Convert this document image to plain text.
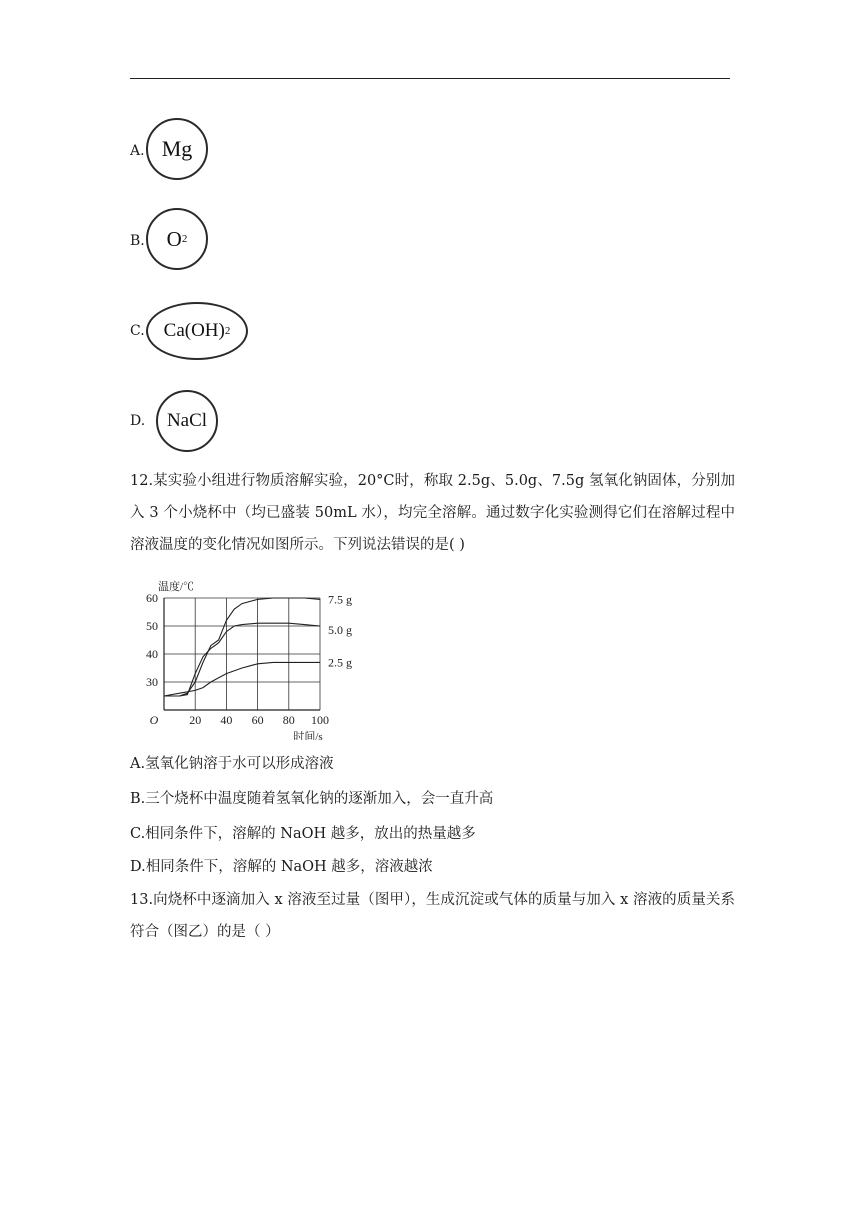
A. Mg
B. O 2
C. Ca(OH) 2
D. NaCl
12.某实验小组进行物质溶解实验，20°C时，称取 2.5g、5.0g、7.5g 氢氧化钠固体，分别加入 3 个小烧杯中（均已盛装 50mL 水），均完全溶解。通过数字化实验测得它们在溶解过程中溶液温度的变化情况如图所示。下列说法错误的是( )
20 40 60 80 100
30
40
50
60
O
温度/℃
时间/s
7.5 g
5.0 g
2.5 g
A.氢氧化钠溶于水可以形成溶液
B.三个烧杯中温度随着氢氧化钠的逐渐加入，会一直升高
C.相同条件下，溶解的 NaOH 越多，放出的热量越多
D.相同条件下，溶解的 NaOH 越多，溶液越浓
13.向烧杯中逐滴加入 x 溶液至过量（图甲），生成沉淀或气体的质量与加入 x 溶液的质量关系符合（图乙）的是（ ）
